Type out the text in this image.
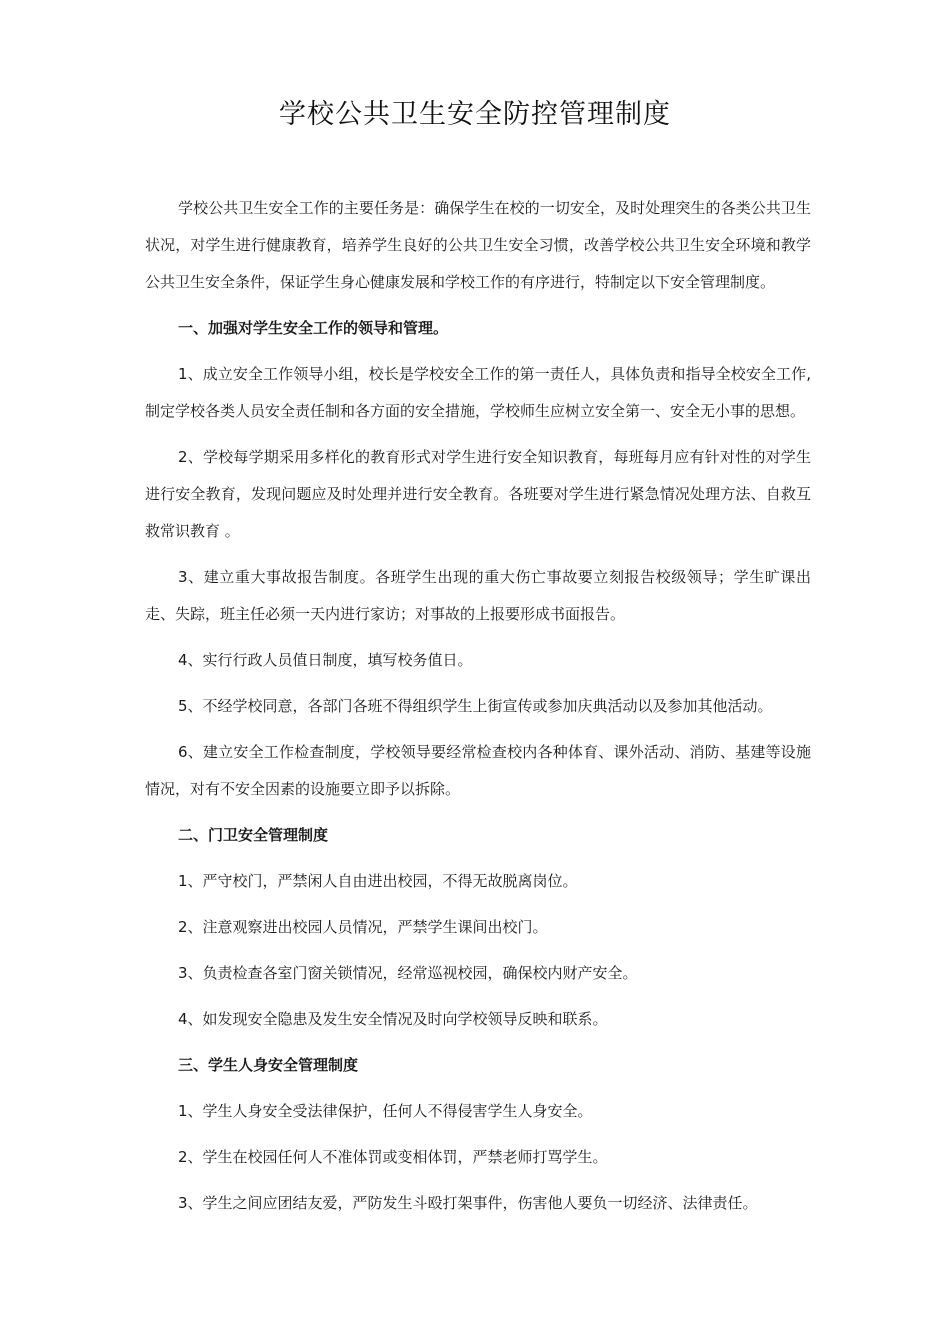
学校公共卫生安全防控管理制度

学校公共卫生安全工作的主要任务是：确保学生在校的一切安全，及时处理突生的各类公共卫生状况，对学生进行健康教育，培养学生良好的公共卫生安全习惯，改善学校公共卫生安全环境和教学公共卫生安全条件，保证学生身心健康发展和学校工作的有序进行，特制定以下安全管理制度。

一、加强对学生安全工作的领导和管理。

1、成立安全工作领导小组，校长是学校安全工作的第一责任人，具体负责和指导全校安全工作,制定学校各类人员安全责任制和各方面的安全措施，学校师生应树立安全第一、安全无小事的思想。

2、学校每学期采用多样化的教育形式对学生进行安全知识教育，每班每月应有针对性的对学生进行安全教育，发现问题应及时处理并进行安全教育。各班要对学生进行紧急情况处理方法、自救互救常识教育 。

3、建立重大事故报告制度。各班学生出现的重大伤亡事故要立刻报告校级领导；学生旷课出走、失踪，班主任必须一天内进行家访；对事故的上报要形成书面报告。

4、实行行政人员值日制度，填写校务值日。

5、不经学校同意，各部门各班不得组织学生上街宣传或参加庆典活动以及参加其他活动。

6、建立安全工作检查制度，学校领导要经常检查校内各种体育、课外活动、消防、基建等设施情况，对有不安全因素的设施要立即予以拆除。

二、门卫安全管理制度

1、严守校门，严禁闲人自由进出校园，不得无故脱离岗位。

2、注意观察进出校园人员情况，严禁学生课间出校门。

3、负责检查各室门窗关锁情况，经常巡视校园，确保校内财产安全。

4、如发现安全隐患及发生安全情况及时向学校领导反映和联系。

三、学生人身安全管理制度

1、学生人身安全受法律保护，任何人不得侵害学生人身安全。

2、学生在校园任何人不准体罚或变相体罚，严禁老师打骂学生。

3、学生之间应团结友爱，严防发生斗殴打架事件，伤害他人要负一切经济、法律责任。
